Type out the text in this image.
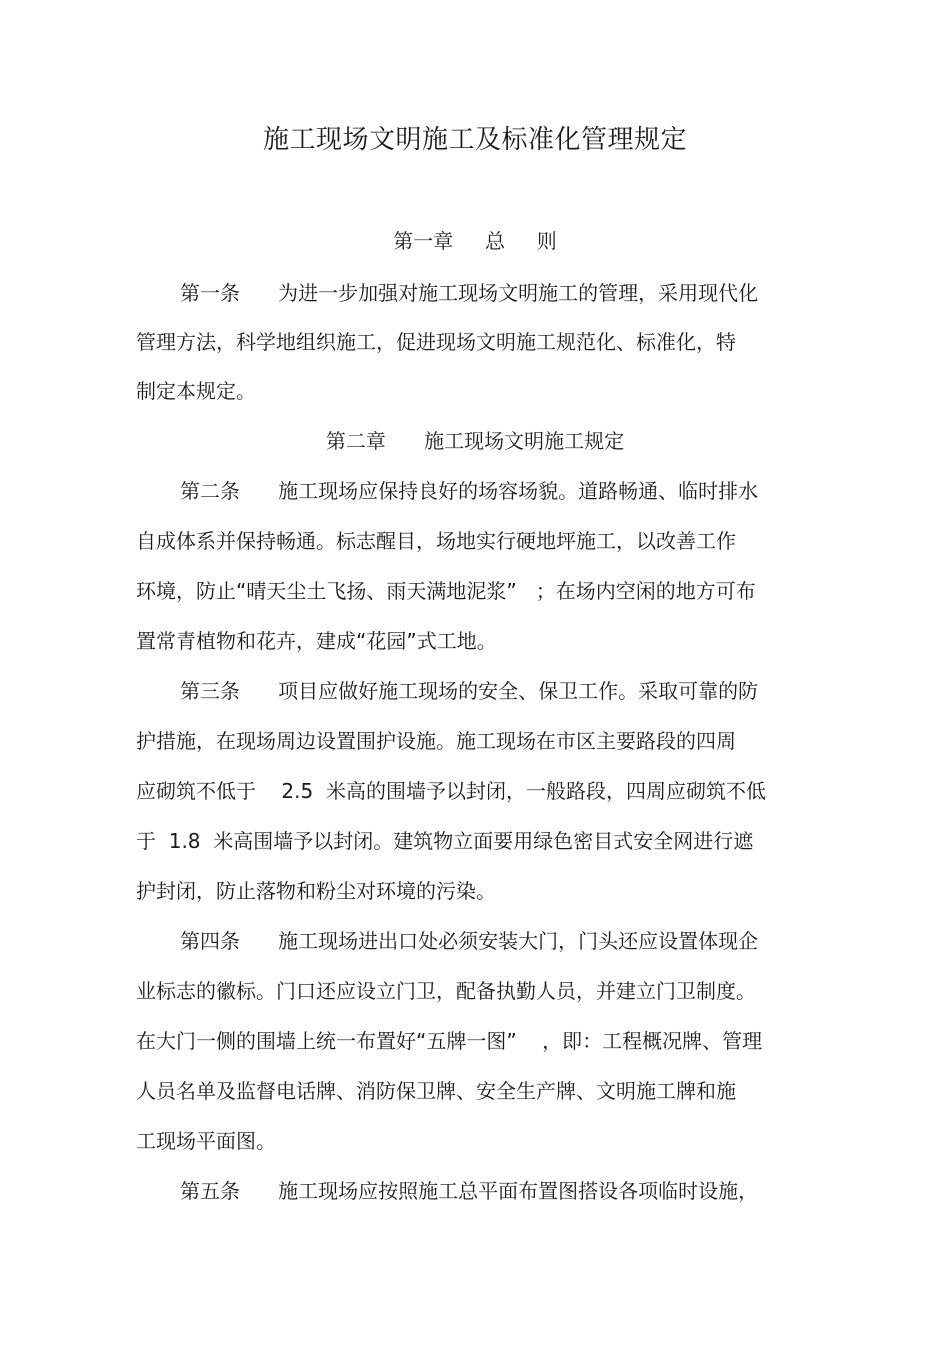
施工现场文明施工及标准化管理规定
第一章     总     则
第一条      为进一步加强对施工现场文明施工的管理，采用现代化
管理方法，科学地组织施工，促进现场文明施工规范化、标准化，特
制定本规定。
第二章      施工现场文明施工规定
第二条      施工现场应保持良好的场容场貌。道路畅通、临时排水
自成体系并保持畅通。标志醒目，场地实行硬地坪施工，以改善工作
环境，防止“晴天尘土飞扬、雨天满地泥浆”   ；在场内空闲的地方可布
置常青植物和花卉，建成“花园”式工地。
第三条      项目应做好施工现场的安全、保卫工作。采取可靠的防
护措施，在现场周边设置围护设施。施工现场在市区主要路段的四周
应砌筑不低于    2.5  米高的围墙予以封闭，一般路段，四周应砌筑不低
于  1.8  米高围墙予以封闭。建筑物立面要用绿色密目式安全网进行遮
护封闭，防止落物和粉尘对环境的污染。
第四条      施工现场进出口处必须安装大门，门头还应设置体现企
业标志的徽标。门口还应设立门卫，配备执勤人员，并建立门卫制度。
在大门一侧的围墙上统一布置好“五牌一图”    ，即：工程概况牌、管理
人员名单及监督电话牌、消防保卫牌、安全生产牌、文明施工牌和施
工现场平面图。
第五条      施工现场应按照施工总平面布置图搭设各项临时设施，
